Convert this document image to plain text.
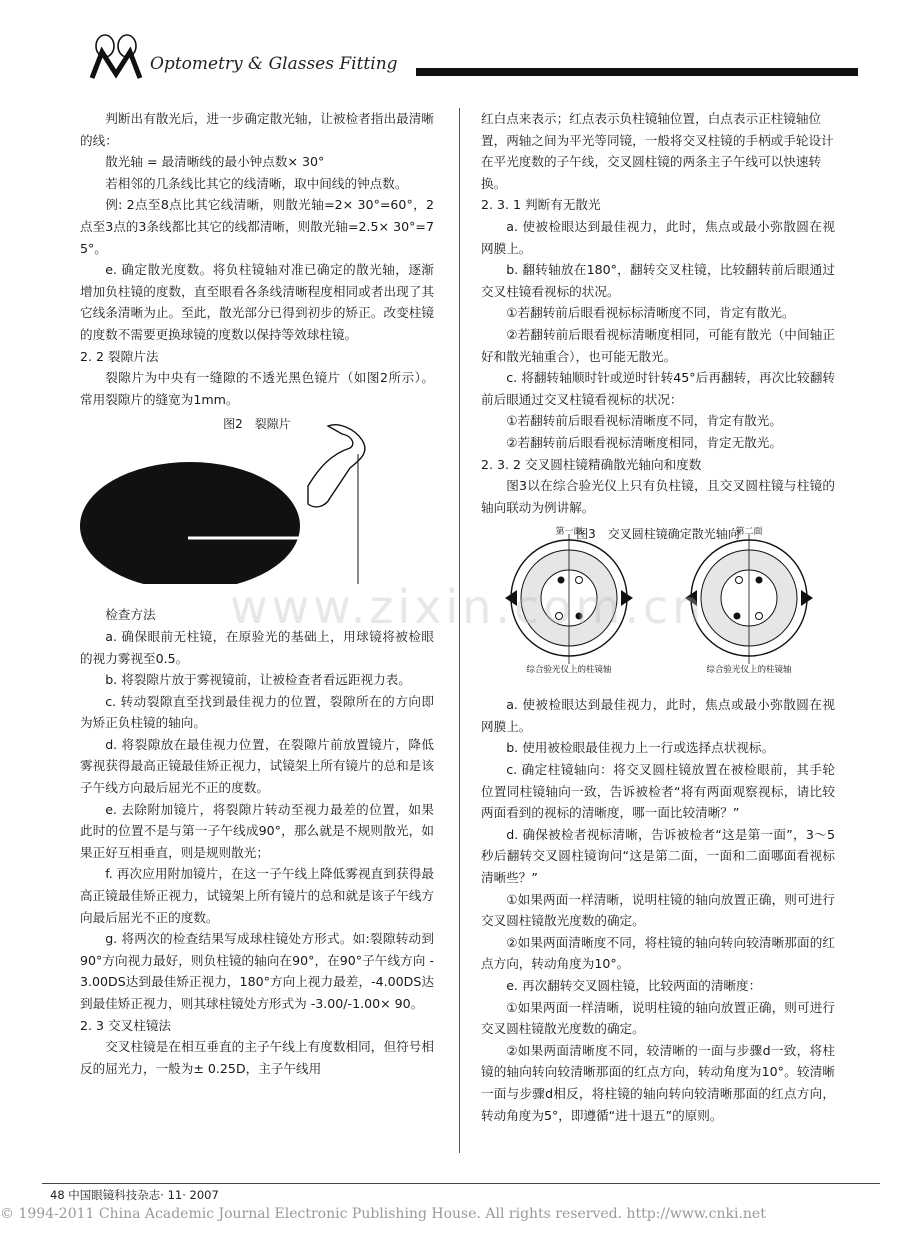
Optometry & Glasses Fitting

判断出有散光后，进一步确定散光轴，让被检者指出最清晰的线：

散光轴 = 最清晰线的最小钟点数× 30°

若相邻的几条线比其它的线清晰，取中间线的钟点数。

例: 2点至8点比其它线清晰，则散光轴=2× 30°=60°，2点至3点的3条线都比其它的线都清晰，则散光轴=2.5× 30°=75°。

e. 确定散光度数。将负柱镜轴对准已确定的散光轴，逐渐增加负柱镜的度数，直至眼看各条线清晰程度相同或者出现了其它线条清晰为止。至此，散光部分已得到初步的矫正。改变柱镜的度数不需要更换球镜的度数以保持等效球柱镜。

2. 2 裂隙片法

裂隙片为中央有一缝隙的不透光黑色镜片（如图2所示）。常用裂隙片的缝宽为1mm。

图2　裂隙片

检查方法

a. 确保眼前无柱镜，在原验光的基础上，用球镜将被检眼的视力雾视至0.5。

b. 将裂隙片放于雾视镜前，让被检查者看远距视力表。

c. 转动裂隙直至找到最佳视力的位置，裂隙所在的方向即为矫正负柱镜的轴向。

d. 将裂隙放在最佳视力位置，在裂隙片前放置镜片，降低雾视获得最高正镜最佳矫正视力，试镜架上所有镜片的总和是该子午线方向最后屈光不正的度数。

e. 去除附加镜片，将裂隙片转动至视力最差的位置，如果此时的位置不是与第一子午线成90°，那么就是不规则散光，如果正好互相垂直，则是规则散光；

f. 再次应用附加镜片，在这一子午线上降低雾视直到获得最高正镜最佳矫正视力，试镜架上所有镜片的总和就是该子午线方向最后屈光不正的度数。

g. 将两次的检查结果写成球柱镜处方形式。如:裂隙转动到90°方向视力最好，则负柱镜的轴向在90°，在90°子午线方向 -3.00DS达到最佳矫正视力，180°方向上视力最差，-4.00DS达到最佳矫正视力，则其球柱镜处方形式为 -3.00/-1.00× 90。

2. 3 交叉柱镜法

交叉柱镜是在相互垂直的主子午线上有度数相同，但符号相反的屈光力，一般为± 0.25D，主子午线用

红白点来表示；红点表示负柱镜轴位置，白点表示正柱镜轴位置，两轴之间为平光等同镜，一般将交叉柱镜的手柄或手轮设计在平光度数的子午线，交叉圆柱镜的两条主子午线可以快速转换。

2. 3. 1 判断有无散光

a. 使被检眼达到最佳视力，此时，焦点或最小弥散圆在视网膜上。

b. 翻转轴放在180°，翻转交叉柱镜，比较翻转前后眼通过交叉柱镜看视标的状况。

①若翻转前后眼看视标标清晰度不同，肯定有散光。

②若翻转前后眼看视标清晰度相同，可能有散光（中间轴正好和散光轴重合），也可能无散光。

c. 将翻转轴顺时针或逆时针转45°后再翻转，再次比较翻转前后眼通过交叉柱镜看视标的状况：

①若翻转前后眼看视标清晰度不同，肯定有散光。

②若翻转前后眼看视标清晰度相同，肯定无散光。

2. 3. 2 交叉圆柱镜精确散光轴向和度数

图3以在综合验光仪上只有负柱镜，且交叉圆柱镜与柱镜的轴向联动为例讲解。

第一面	第二面
综合验光仪上的柱镜轴	综合验光仪上的柱镜轴

图3　交叉圆柱镜确定散光轴向

a. 使被检眼达到最佳视力，此时，焦点或最小弥散圆在视网膜上。

b. 使用被检眼最佳视力上一行或选择点状视标。

c. 确定柱镜轴向：将交叉圆柱镜放置在被检眼前，其手轮位置同柱镜轴向一致，告诉被检者“将有两面观察视标，请比较两面看到的视标的清晰度，哪一面比较清晰？”

d. 确保被检者视标清晰，告诉被检者“这是第一面”，3～5秒后翻转交叉圆柱镜询问“这是第二面，一面和二面哪面看视标清晰些？”

①如果两面一样清晰，说明柱镜的轴向放置正确，则可进行交叉圆柱镜散光度数的确定。

②如果两面清晰度不同，将柱镜的轴向转向较清晰那面的红点方向，转动角度为10°。

e. 再次翻转交叉圆柱镜，比较两面的清晰度：

①如果两面一样清晰，说明柱镜的轴向放置正确，则可进行交叉圆柱镜散光度数的确定。

②如果两面清晰度不同，较清晰的一面与步骤d一致，将柱镜的轴向转向较清晰那面的红点方向，转动角度为10°。较清晰一面与步骤d相反，将柱镜的轴向转向较清晰那面的红点方向，转动角度为5°，即遵循“进十退五”的原则。

www.zixin.com.cn
48 中国眼镜科技杂志· 11· 2007
© 1994-2011 China Academic Journal Electronic Publishing House. All rights reserved. http://www.cnki.net
